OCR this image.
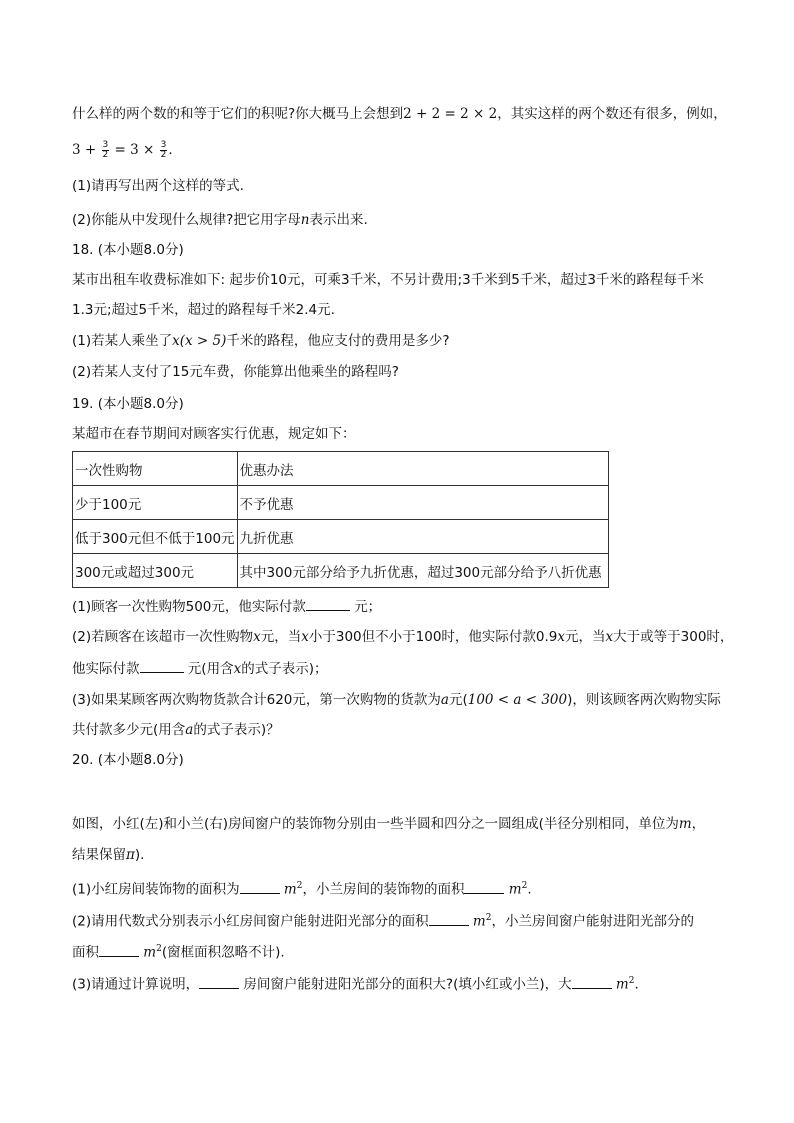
什么样的两个数的和等于它们的积呢?你大概马上会想到2 + 2 = 2 × 2，其实这样的两个数还有很多，例如，
$3 + \frac{3}{2} = 3 \times \frac{3}{2}$ .
(1)请再写出两个这样的等式.
(2)你能从中发现什么规律?把它用字母n表示出来.
18. (本小题8.0分)
某市出租车收费标准如下: 起步价10元，可乘3千米，不另计费用;3千米到5千米，超过3千米的路程每千米
1.3元;超过5千米，超过的路程每千米2.4元.
(1)若某人乘坐了x(x > 5)千米的路程，他应支付的费用是多少?
(2)若某人支付了15元车费，你能算出他乘坐的路程吗?
19. (本小题8.0分)
某超市在春节期间对顾客实行优惠，规定如下：
一次性购物	优惠办法
少于100元	不予优惠
低于300元但不低于100元	九折优惠
300元或超过300元	其中300元部分给予九折优惠，超过300元部分给予八折优惠
(1)顾客一次性购物500元，他实际付款	元；
(2)若顾客在该超市一次性购物x元，当x小于300但不小于100时，他实际付款0.9x元，当x大于或等于300时，
他实际付款	元(用含x的式子表示)；
(3)如果某顾客两次购物货款合计620元，第一次购物的货款为a元(100 < a < 300)，则该顾客两次购物实际
共付款多少元(用含a的式子表示)？
20. (本小题8.0分)
如图，小红(左)和小兰(右)房间窗户的装饰物分别由一些半圆和四分之一圆组成(半径分别相同，单位为m，
结果保留π).
(1)小红房间装饰物的面积为	$m^2$，小兰房间的装饰物的面积	$m^2$.
(2)请用代数式分别表示小红房间窗户能射进阳光部分的面积	$m^2$，小兰房间窗户能射进阳光部分的
面积	$m^2$(窗框面积忽略不计).
(3)请通过计算说明，	房间窗户能射进阳光部分的面积大?(填小红或小兰)，大	$m^2$.
